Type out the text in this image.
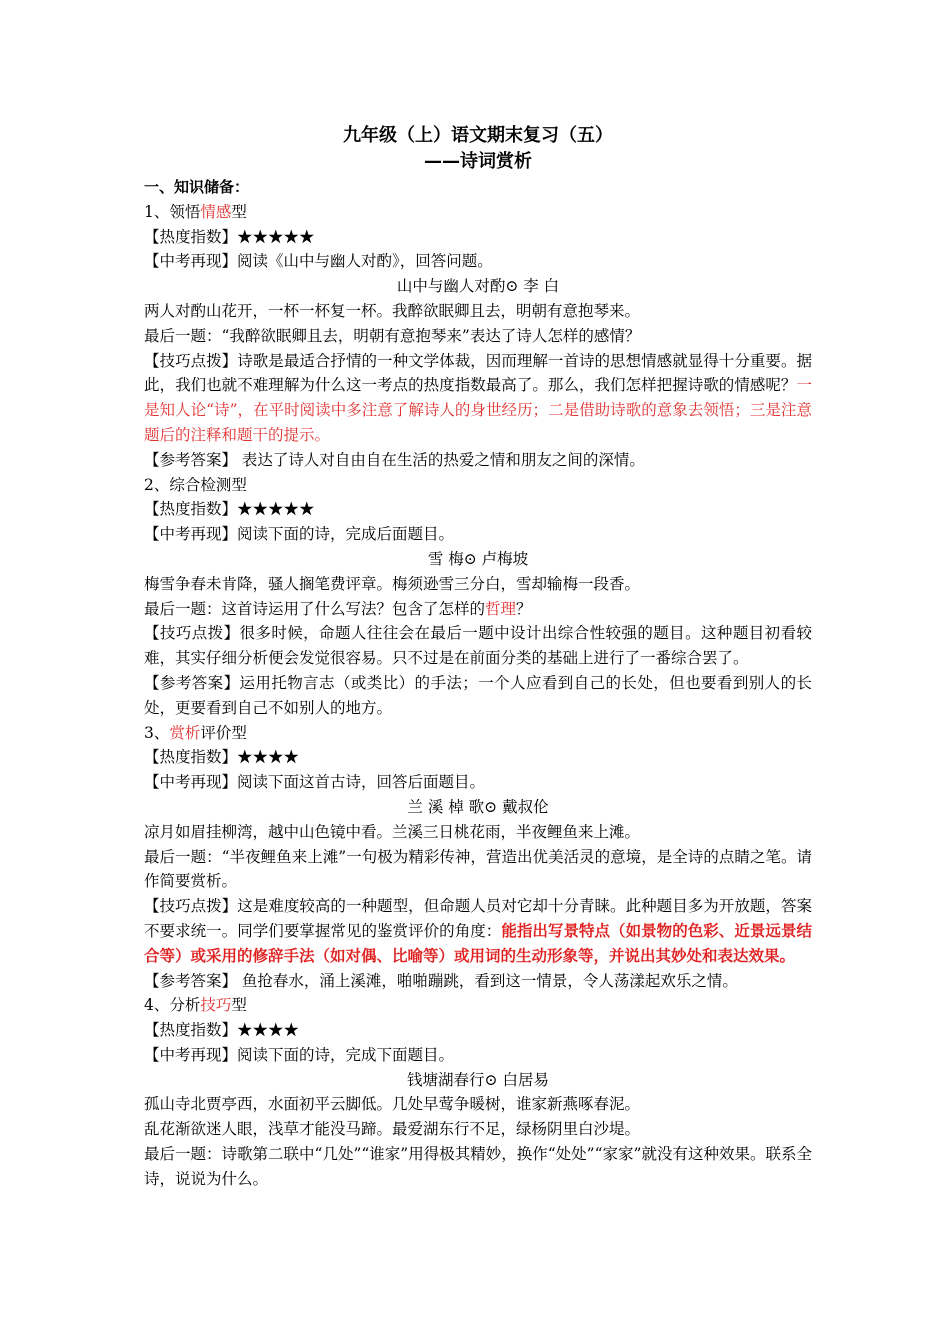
九年级（上）语文期末复习（五）
——诗词赏析
一、知识储备：
1、领悟情感型
【热度指数】★★★★★
【中考再现】阅读《山中与幽人对酌》，回答问题。
山中与幽人对酌⊙ 李 白
两人对酌山花开，一杯一杯复一杯。我醉欲眠卿且去，明朝有意抱琴来。
最后一题：“我醉欲眠卿且去，明朝有意抱琴来”表达了诗人怎样的感情？
【技巧点拨】诗歌是最适合抒情的一种文学体裁，因而理解一首诗的思想情感就显得十分重要。据此，我们也就不难理解为什么这一考点的热度指数最高了。那么，我们怎样把握诗歌的情感呢？一是知人论“诗”，在平时阅读中多注意了解诗人的身世经历；二是借助诗歌的意象去领悟；三是注意题后的注释和题干的提示。
【参考答案】 表达了诗人对自由自在生活的热爱之情和朋友之间的深情。
2、综合检测型
【热度指数】★★★★★
【中考再现】阅读下面的诗，完成后面题目。
雪 梅⊙ 卢梅坡
梅雪争春未肯降，骚人搁笔费评章。梅须逊雪三分白，雪却输梅一段香。
最后一题：这首诗运用了什么写法？包含了怎样的哲理？
【技巧点拨】很多时候，命题人往往会在最后一题中设计出综合性较强的题目。这种题目初看较难，其实仔细分析便会发觉很容易。只不过是在前面分类的基础上进行了一番综合罢了。
【参考答案】运用托物言志（或类比）的手法；一个人应看到自己的长处，但也要看到别人的长处，更要看到自己不如别人的地方。
3、赏析评价型
【热度指数】★★★★
【中考再现】阅读下面这首古诗，回答后面题目。
兰 溪 棹 歌⊙ 戴叔伦
凉月如眉挂柳湾，越中山色镜中看。兰溪三日桃花雨，半夜鲤鱼来上滩。
最后一题：“半夜鲤鱼来上滩”一句极为精彩传神，营造出优美活灵的意境，是全诗的点睛之笔。请作简要赏析。
【技巧点拨】这是难度较高的一种题型，但命题人员对它却十分青睐。此种题目多为开放题，答案不要求统一。同学们要掌握常见的鉴赏评价的角度：能指出写景特点（如景物的色彩、近景远景结合等）或采用的修辞手法（如对偶、比喻等）或用词的生动形象等，并说出其妙处和表达效果。
【参考答案】 鱼抢春水，涌上溪滩，啪啪蹦跳，看到这一情景，令人荡漾起欢乐之情。
4、分析技巧型
【热度指数】★★★★
【中考再现】阅读下面的诗，完成下面题目。
钱塘湖春行⊙ 白居易
孤山寺北贾亭西，水面初平云脚低。几处早莺争暖树，谁家新燕啄春泥。
乱花渐欲迷人眼，浅草才能没马蹄。最爱湖东行不足，绿杨阴里白沙堤。
最后一题：诗歌第二联中“几处”“谁家”用得极其精妙，换作“处处”“家家”就没有这种效果。联系全诗，说说为什么。
